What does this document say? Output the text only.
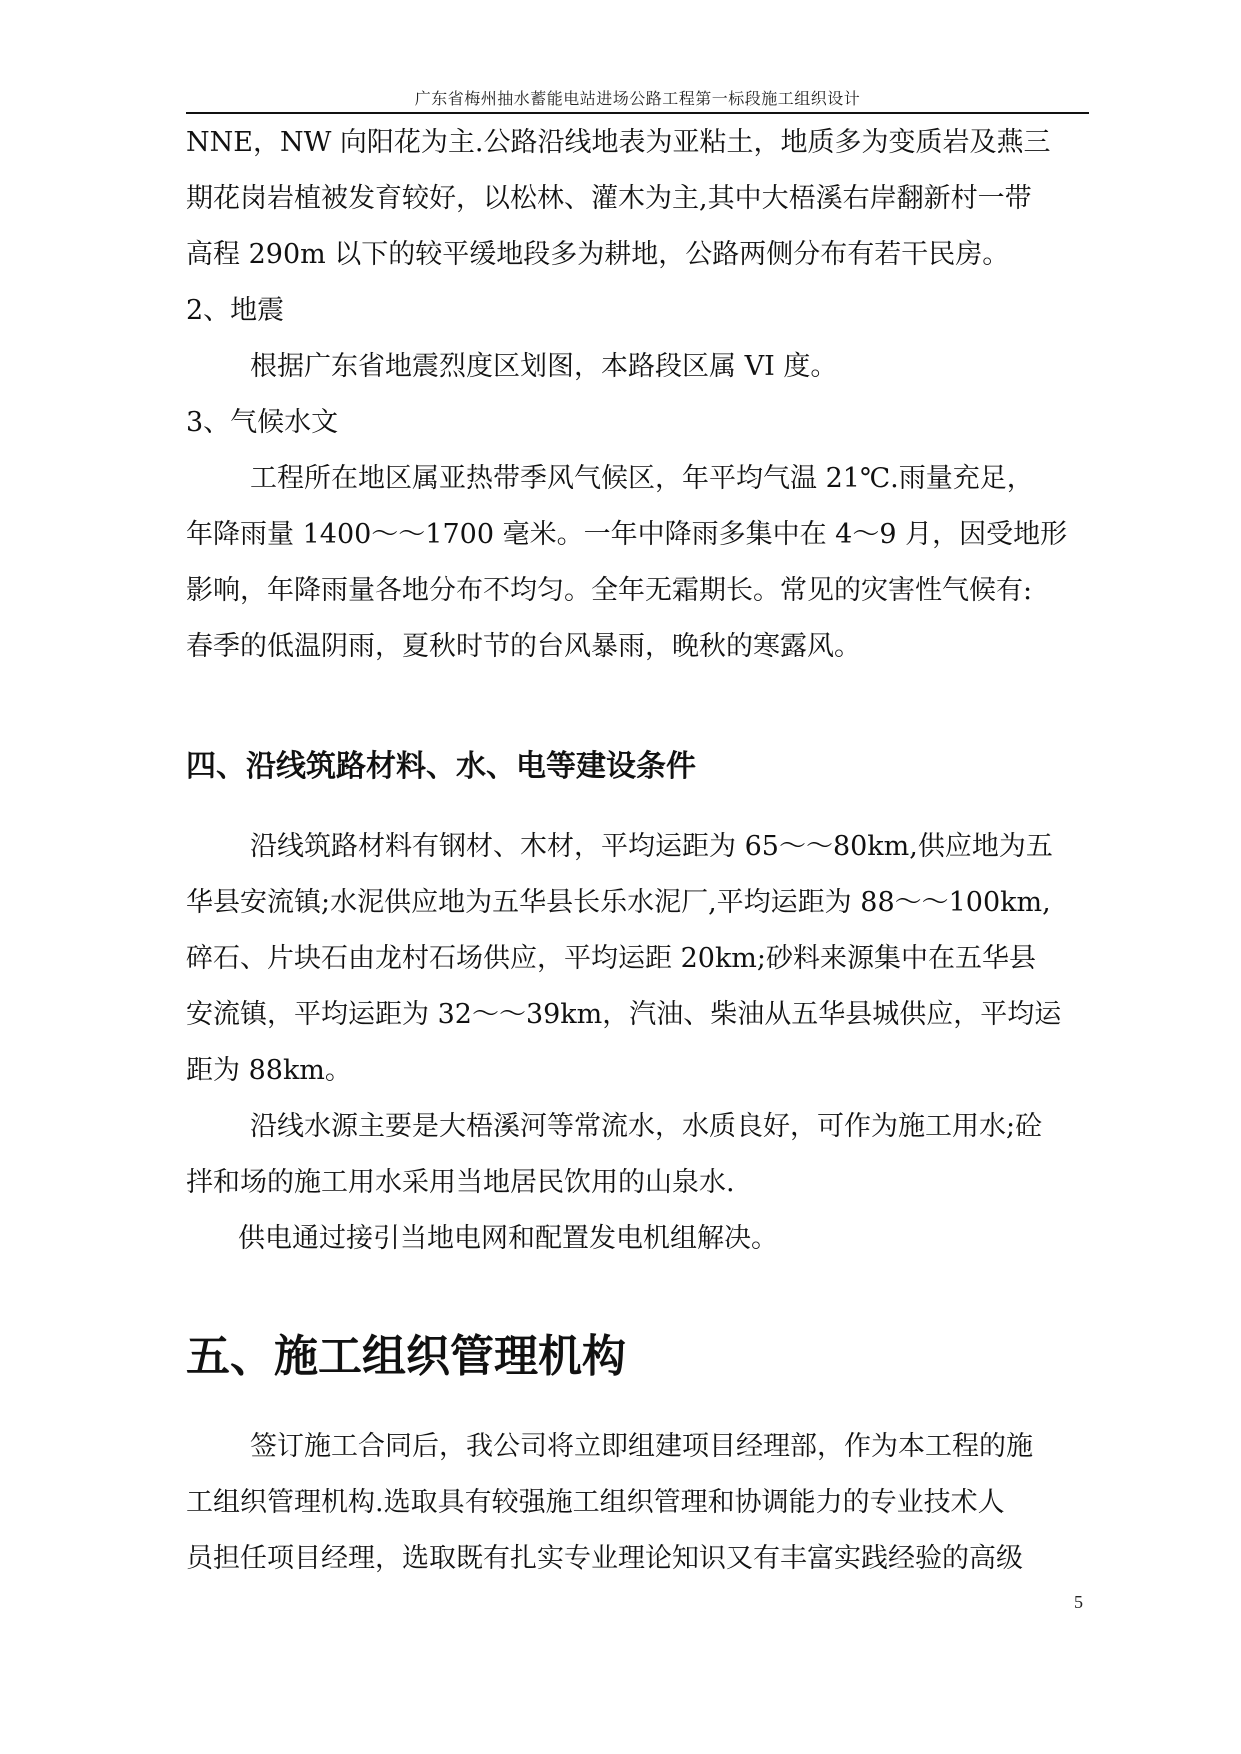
广东省梅州抽水蓄能电站进场公路工程第一标段施工组织设计
NNE，NW 向阳花为主.公路沿线地表为亚粘土，地质多为变质岩及燕三
期花岗岩植被发育较好，以松林、灌木为主,其中大梧溪右岸翻新村一带
高程 290m 以下的较平缓地段多为耕地，公路两侧分布有若干民房。
2、地震
根据广东省地震烈度区划图，本路段区属 VI 度。
3、气候水文
工程所在地区属亚热带季风气候区，年平均气温 21℃.雨量充足，
年降雨量 1400～～1700 毫米。一年中降雨多集中在 4～9 月，因受地形
影响，年降雨量各地分布不均匀。全年无霜期长。常见的灾害性气候有:
春季的低温阴雨，夏秋时节的台风暴雨，晚秋的寒露风。
四、沿线筑路材料、水、电等建设条件
沿线筑路材料有钢材、木材，平均运距为 65～～80km,供应地为五
华县安流镇;水泥供应地为五华县长乐水泥厂,平均运距为 88～～100km,
碎石、片块石由龙村石场供应，平均运距 20km;砂料来源集中在五华县
安流镇，平均运距为 32～～39km，汽油、柴油从五华县城供应，平均运
距为 88km。
沿线水源主要是大梧溪河等常流水，水质良好，可作为施工用水;砼
拌和场的施工用水采用当地居民饮用的山泉水.
供电通过接引当地电网和配置发电机组解决。
五、施工组织管理机构
签订施工合同后，我公司将立即组建项目经理部，作为本工程的施
工组织管理机构.选取具有较强施工组织管理和协调能力的专业技术人
员担任项目经理，选取既有扎实专业理论知识又有丰富实践经验的高级
5
